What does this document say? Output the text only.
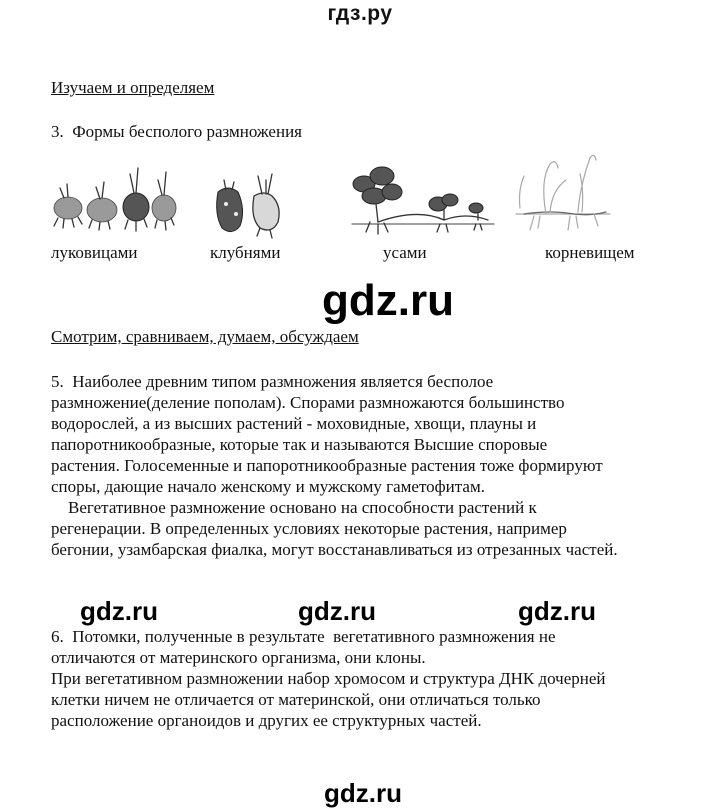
гдз.ру
Изучаем и определяем
3.  Формы бесполого размножения
луковицами	клубнями	усами	корневищем
gdz.ru
Смотрим, сравниваем, думаем, обсуждаем
5.  Наиболее древним типом размножения является бесполое
размножение(деление пополам). Спорами размножаются большинство
водорослей, а из высших растений - моховидные, хвощи, плауны и
папоротникообразные, которые так и называются Высшие споровые
растения. Голосеменные и папоротникообразные растения тоже формируют
споры, дающие начало женскому и мужскому гаметофитам.
Вегетативное размножение основано на способности растений к
регенерации. В определенных условиях некоторые растения, например
бегонии, узамбарская фиалка, могут восстанавливаться из отрезанных частей.
gdz.ru	gdz.ru	gdz.ru
6.  Потомки, полученные в результате  вегетативного размножения не
отличаются от материнского организма, они клоны.
При вегетативном размножении набор хромосом и структура ДНК дочерней
клетки ничем не отличается от материнской, они отличаться только
расположение органоидов и других ее структурных частей.
gdz.ru
